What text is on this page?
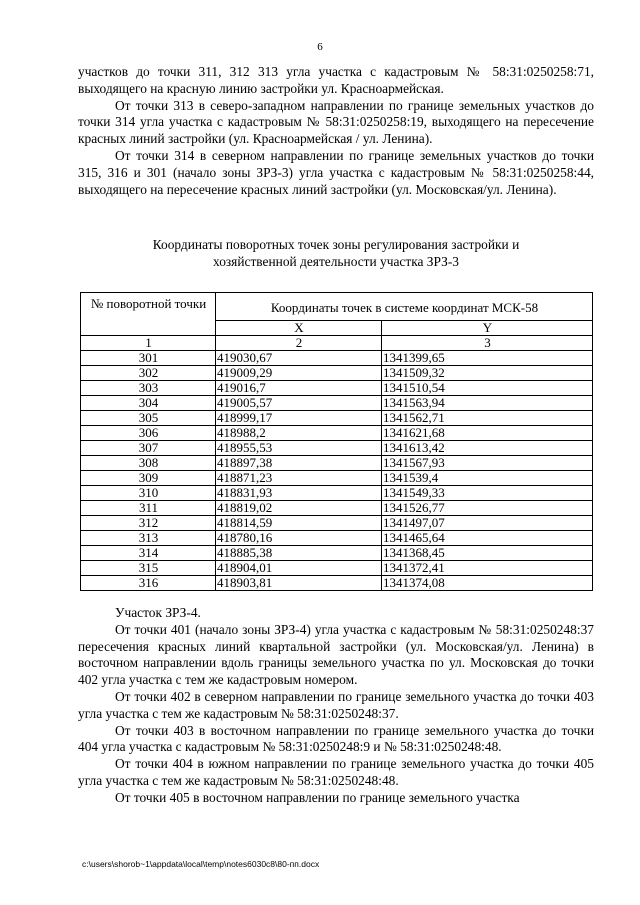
6

участков до точки 311, 312 313 угла участка с кадастровым № 58:31:0250258:71, выходящего на красную линию застройки ул. Красноармейская.

От точки 313 в северо-западном направлении по границе земельных участков до точки 314 угла участка с кадастровым № 58:31:0250258:19, выходящего на пересечение красных линий застройки (ул. Красноармейская / ул. Ленина).

От точки 314 в северном направлении по границе земельных участков до точки 315, 316 и 301 (начало зоны ЗРЗ-3) угла участка с кадастровым № 58:31:0250258:44, выходящего на пересечение красных линий застройки (ул. Московская/ул. Ленина).

Координаты поворотных точек зоны регулирования застройки и
хозяйственной деятельности участка ЗРЗ-3
№ поворотной точки	Координаты точек в системе координат МСК-58	
	X	Y
1	2	3
301	419030,67	1341399,65
302	419009,29	1341509,32
303	419016,7	1341510,54
304	419005,57	1341563,94
305	418999,17	1341562,71
306	418988,2	1341621,68
307	418955,53	1341613,42
308	418897,38	1341567,93
309	418871,23	1341539,4
310	418831,93	1341549,33
311	418819,02	1341526,77
312	418814,59	1341497,07
313	418780,16	1341465,64
314	418885,38	1341368,45
315	418904,01	1341372,41
316	418903,81	1341374,08

Участок ЗРЗ-4.

От точки 401 (начало зоны ЗРЗ-4) угла участка с кадастровым № 58:31:0250248:37 пересечения красных линий квартальной застройки (ул. Московская/ул. Ленина) в восточном направлении вдоль границы земельного участка по ул. Московская до точки 402 угла участка с тем же кадастровым номером.

От точки 402 в северном направлении по границе земельного участка до точки 403 угла участка с тем же кадастровым № 58:31:0250248:37.

От точки 403 в восточном направлении по границе земельного участка до точки 404 угла участка с кадастровым № 58:31:0250248:9 и № 58:31:0250248:48.

От точки 404 в южном направлении по границе земельного участка до точки 405 угла участка с тем же кадастровым № 58:31:0250248:48.

От точки 405 в восточном направлении по границе земельного участка

c:\users\shorob~1\appdata\local\temp\notes6030c8\80-пп.docx
